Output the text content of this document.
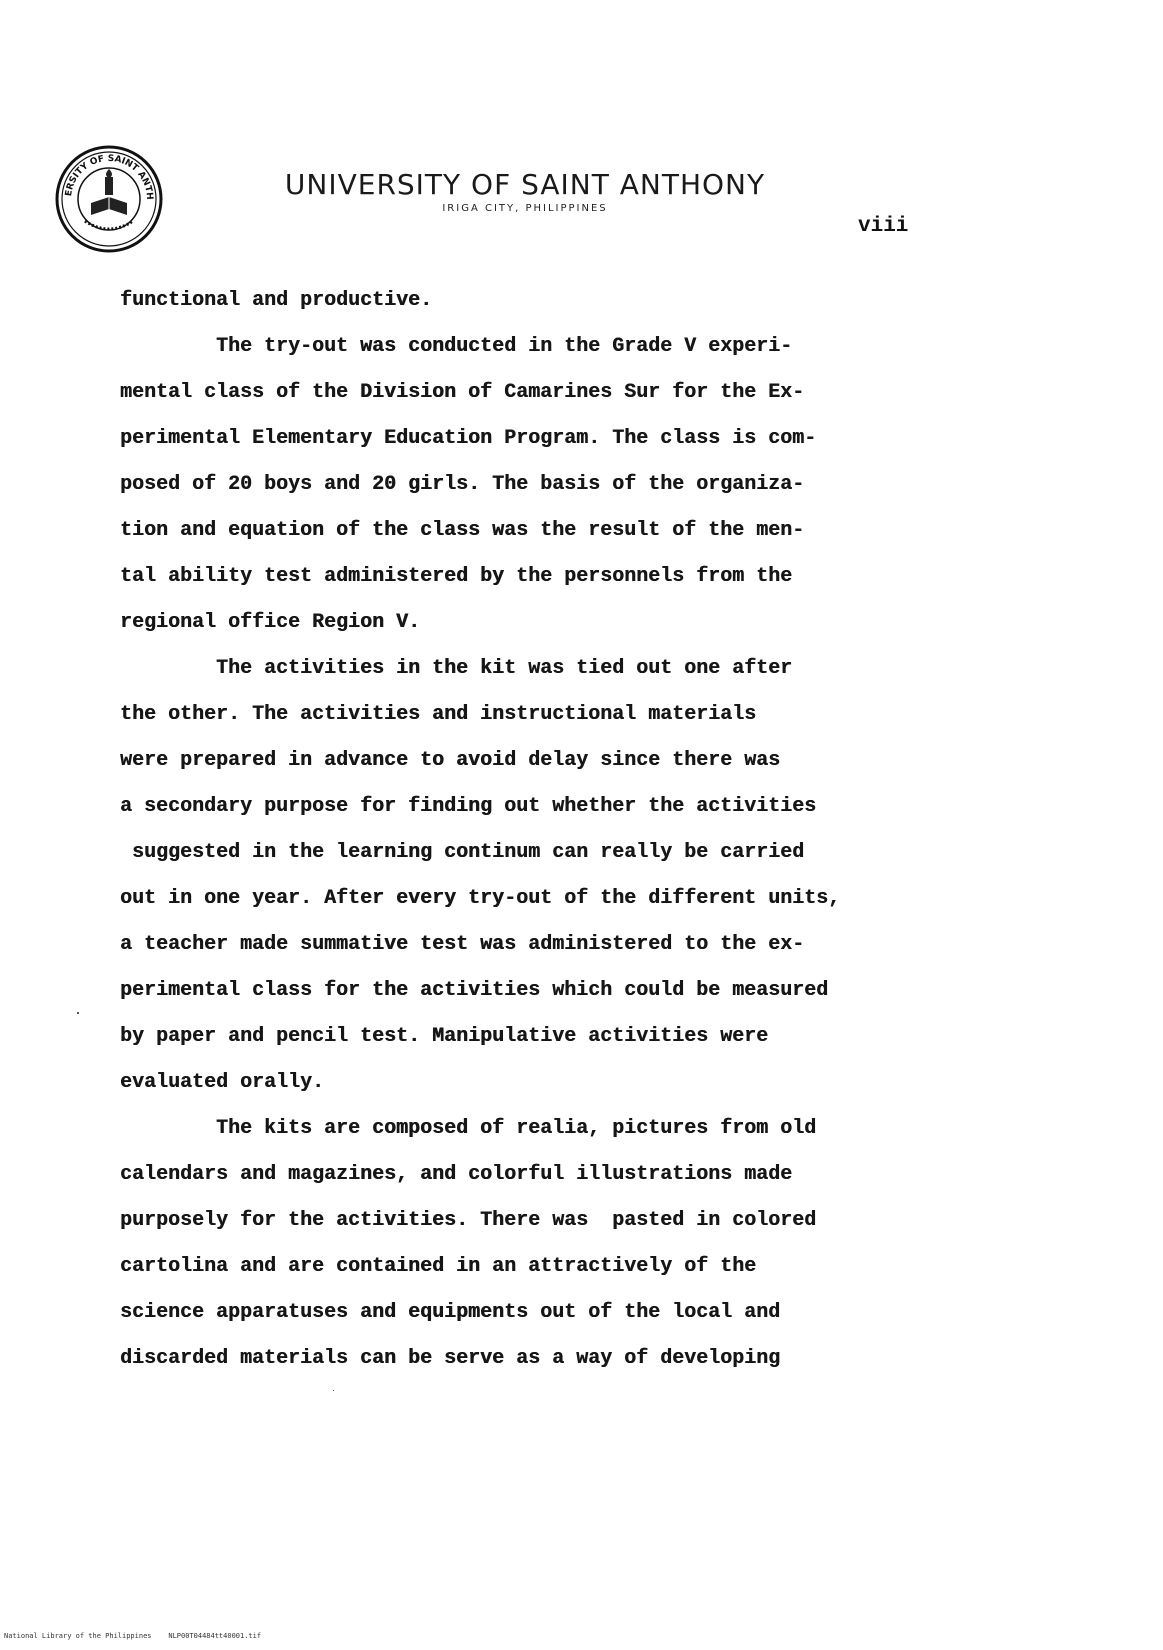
ERSITY OF SAINT ANTH	UNIVERSITY OF SAINT ANTHONY
IRIGA CITY, PHILIPPINES
viii
functional and productive.
The try-out was conducted in the Grade V experi-
mental class of the Division of Camarines Sur for the Ex-
perimental Elementary Education Program. The class is com-
posed of 20 boys and 20 girls. The basis of the organiza-
tion and equation of the class was the result of the men-
tal ability test administered by the personnels from the
regional office Region V.
The activities in the kit was tied out one after
the other. The activities and instructional materials
were prepared in advance to avoid delay since there was
a secondary purpose for finding out whether the activities
suggested in the learning continum can really be carried
out in one year. After every try-out of the different units,
a teacher made summative test was administered to the ex-
perimental class for the activities which could be measured
by paper and pencil test. Manipulative activities were
evaluated orally.
The kits are composed of realia, pictures from old
calendars and magazines, and colorful illustrations made
purposely for the activities. There was  pasted in colored
cartolina and are contained in an attractively of the
science apparatuses and equipments out of the local and
discarded materials can be serve as a way of developing
National Library of the Philippines    NLP00T04484tt40001.tif
